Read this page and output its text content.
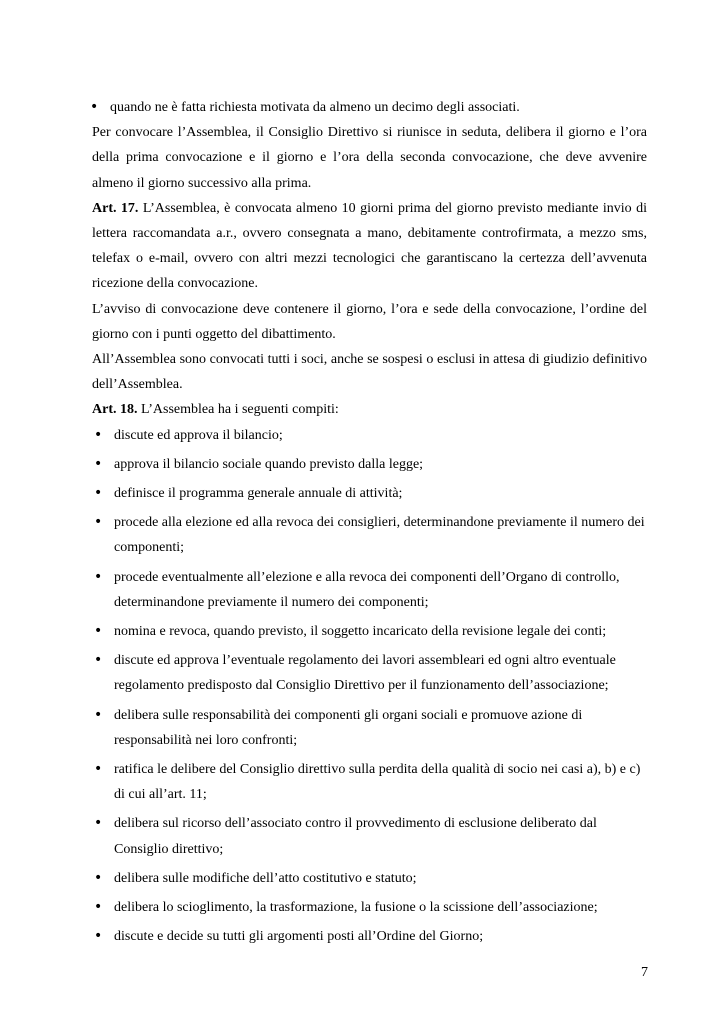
• quando ne è fatta richiesta motivata da almeno un decimo degli associati.

Per convocare l’Assemblea, il Consiglio Direttivo si riunisce in seduta, delibera il giorno e l’ora della prima convocazione e il giorno e l’ora della seconda convocazione, che deve avvenire almeno il giorno successivo alla prima.

Art. 17. L’Assemblea, è convocata almeno 10 giorni prima del giorno previsto mediante invio di lettera raccomandata a.r., ovvero consegnata a mano, debitamente controfirmata, a mezzo sms, telefax o e-mail, ovvero con altri mezzi tecnologici che garantiscano la certezza dell’avvenuta ricezione della convocazione.

L’avviso di convocazione deve contenere il giorno, l’ora e sede della convocazione, l’ordine del giorno con i punti oggetto del dibattimento.

All’Assemblea sono convocati tutti i soci, anche se sospesi o esclusi in attesa di giudizio definitivo dell’Assemblea.

Art. 18. L’Assemblea ha i seguenti compiti:

• discute ed approva il bilancio;
• approva il bilancio sociale quando previsto dalla legge;
• definisce il programma generale annuale di attività;
• procede alla elezione ed alla revoca dei consiglieri, determinandone previamente il numero dei componenti;
• procede eventualmente all’elezione e alla revoca dei componenti dell’Organo di controllo, determinandone previamente il numero dei componenti;
• nomina e revoca, quando previsto, il soggetto incaricato della revisione legale dei conti;
• discute ed approva l’eventuale regolamento dei lavori assembleari ed ogni altro eventuale regolamento predisposto dal Consiglio Direttivo per il funzionamento dell’associazione;
• delibera sulle responsabilità dei componenti gli organi sociali e promuove azione di responsabilità nei loro confronti;
• ratifica le delibere del Consiglio direttivo sulla perdita della qualità di socio nei casi a), b) e c) di cui all’art. 11;
• delibera sul ricorso dell’associato contro il provvedimento di esclusione deliberato dal Consiglio direttivo;
• delibera sulle modifiche dell’atto costitutivo e statuto;
• delibera lo scioglimento, la trasformazione, la fusione o la scissione dell’associazione;
• discute e decide su tutti gli argomenti posti all’Ordine del Giorno;
7
